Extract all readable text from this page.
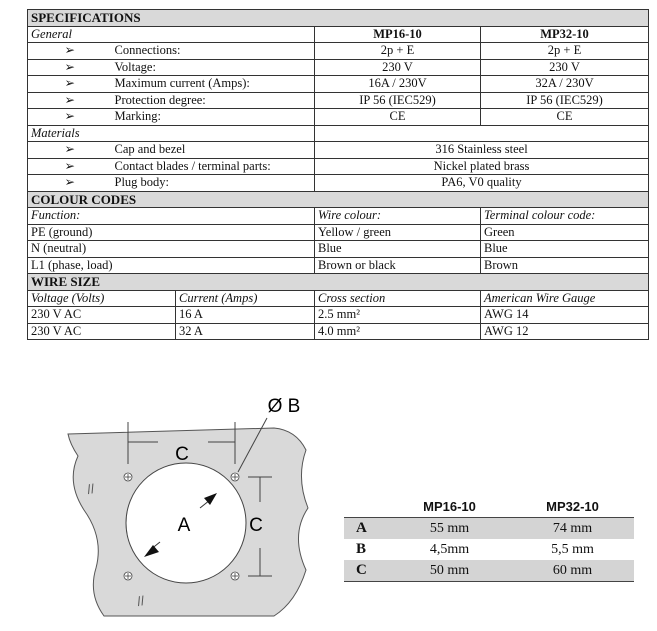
SPECIFICATIONS				
General			MP16-10	MP32-10
➢	Connections:		2p + E	2p + E
➢	Voltage:		230 V	230 V
➢	Maximum current (Amps):		16A / 230V	32A / 230V
➢	Protection degree:		IP 56 (IEC529)	IP 56 (IEC529)
➢	Marking:		CE	CE
Materials				
➢	Cap and bezel		316 Stainless steel	
➢	Contact blades / terminal parts:		Nickel plated brass	
➢	Plug body:		PA6, V0 quality	
COLOUR CODES				
Function:			Wire colour:	Terminal colour code:
PE (ground)			Yellow / green	Green
N (neutral)			Blue	Blue
L1 (phase, load)			Brown or black	Brown
WIRE SIZE				
Voltage (Volts)		Current (Amps)	Cross section	American Wire Gauge
230 V AC		16 A	2.5 mm²	AWG 14
230 V AC		32 A	4.0 mm²	AWG 12
C
C
A
Ø B
//
//
	MP16-10	MP32-10
A	55 mm	74 mm
B	4,5mm	5,5 mm
C	50 mm	60 mm
